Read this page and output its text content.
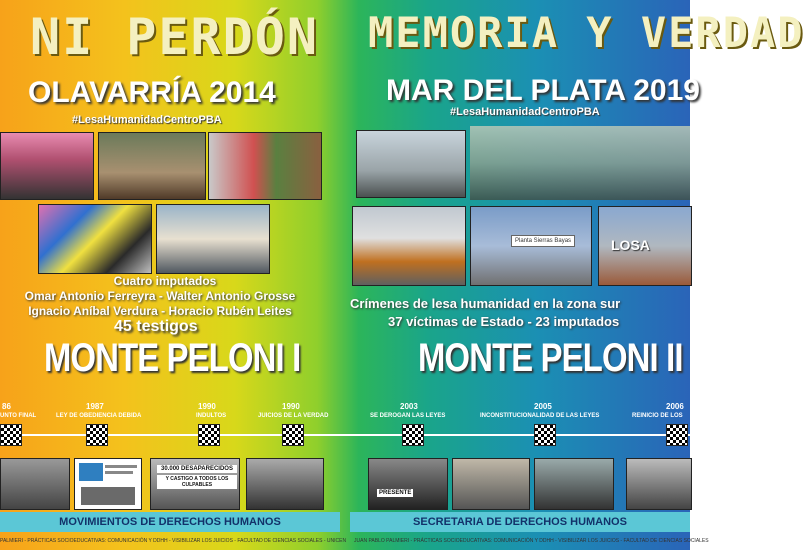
NI PERDÓN
OLAVARRÍA 2014
#LesaHumanidadCentroPBA
MEMORIA Y VERDAD
MAR DEL PLATA 2019
#LesaHumanidadCentroPBA
Planta Sierras Bayas	LOSA
Cuatro imputados
Omar Antonio Ferreyra - Walter Antonio Grosse
Ignacio Aníbal Verdura - Horacio Rubén Leites
45 testigos
MONTE PELONI I
Crímenes de lesa humanidad en la zona sur
37 víctimas de Estado - 23 imputados
MONTE PELONI II
86
UNTO FINAL
1987
LEY DE OBEDIENCIA DEBIDA
1990
INDULTOS
1990
JUICIOS DE LA VERDAD
2003
SE DEROGAN LAS LEYES
2005
INCONSTITUCIONALIDAD DE LAS LEYES
2006
REINICIO DE LOS
30.000 DESAPARECIDOS
Y CASTIGO A TODOS LOS CULPABLES
PRESENTE
MOVIMIENTOS DE DERECHOS HUMANOS	SECRETARIA DE DERECHOS HUMANOS
PALMIERI - PRÁCTICAS SOCIOEDUCATIVAS: COMUNICACIÓN Y DDHH - VISIBILIZAR LOS JUICIOS - FACULTAD DE CIENCIAS SOCIALES - UNICEN JUAN PABLO PALMIERI - PRÁCTICAS SOCIOEDUCATIVAS: COMUNICACIÓN Y DDHH - VISIBILIZAR LOS JUICIOS - FACULTAD DE CIENCIAS SOCIALES
